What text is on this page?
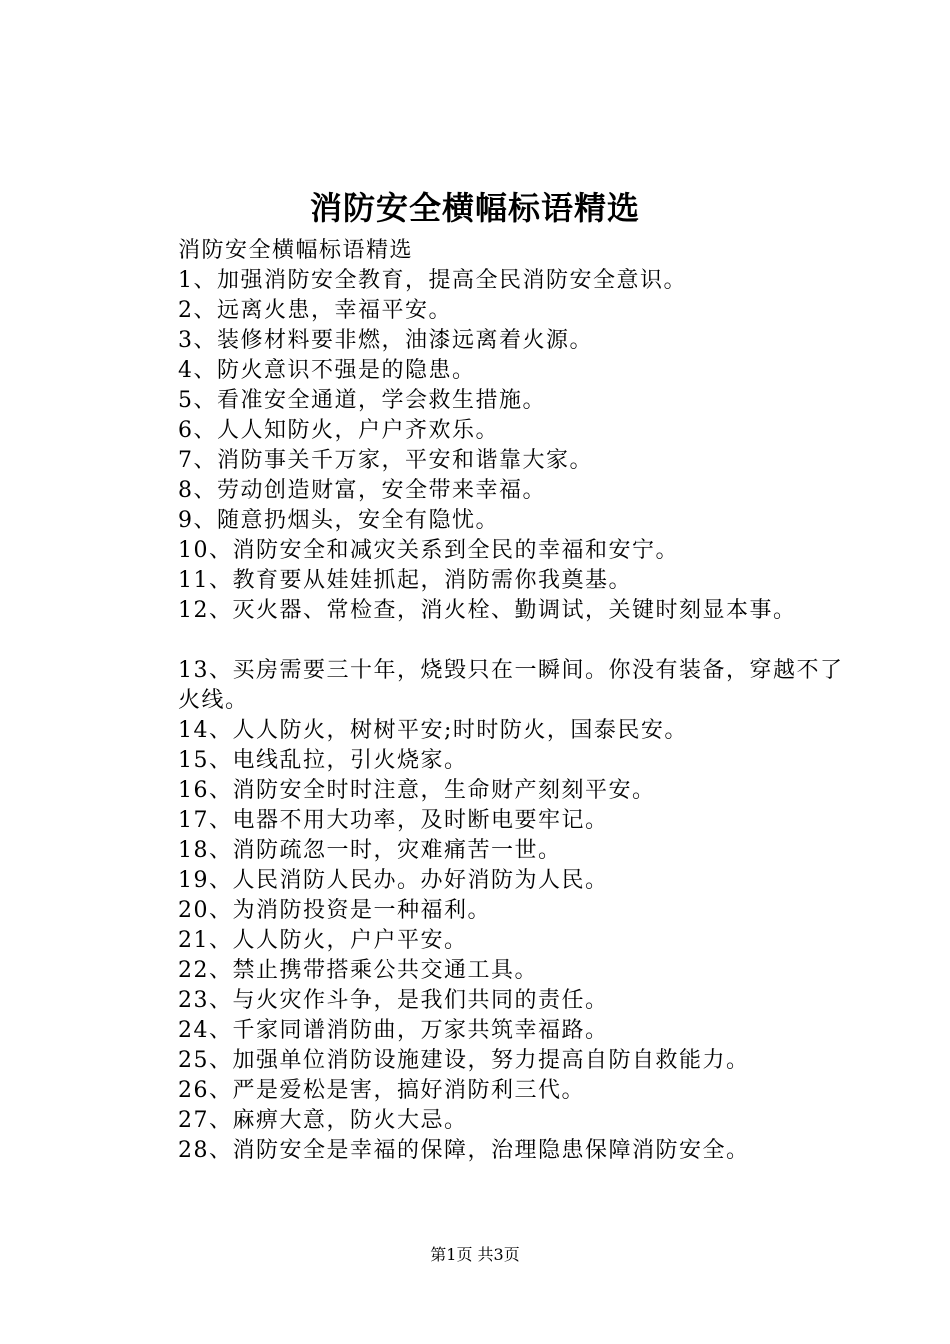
消防安全横幅标语精选
消防安全横幅标语精选
1、加强消防安全教育，提高全民消防安全意识。
2、远离火患，幸福平安。
3、装修材料要非燃，油漆远离着火源。
4、防火意识不强是的隐患。
5、看准安全通道，学会救生措施。
6、人人知防火，户户齐欢乐。
7、消防事关千万家，平安和谐靠大家。
8、劳动创造财富，安全带来幸福。
9、随意扔烟头，安全有隐忧。
10、消防安全和减灾关系到全民的幸福和安宁。
11、教育要从娃娃抓起，消防需你我奠基。
12、灭火器、常检查，消火栓、勤调试，关键时刻显本事。
13、买房需要三十年，烧毁只在一瞬间。你没有装备，穿越不了火线。
14、人人防火，树树平安;时时防火，国泰民安。
15、电线乱拉，引火烧家。
16、消防安全时时注意，生命财产刻刻平安。
17、电器不用大功率，及时断电要牢记。
18、消防疏忽一时，灾难痛苦一世。
19、人民消防人民办。办好消防为人民。
20、为消防投资是一种福利。
21、人人防火，户户平安。
22、禁止携带搭乘公共交通工具。
23、与火灾作斗争，是我们共同的责任。
24、千家同谱消防曲，万家共筑幸福路。
25、加强单位消防设施建设，努力提高自防自救能力。
26、严是爱松是害，搞好消防利三代。
27、麻痹大意，防火大忌。
28、消防安全是幸福的保障，治理隐患保障消防安全。
第1页 共3页
